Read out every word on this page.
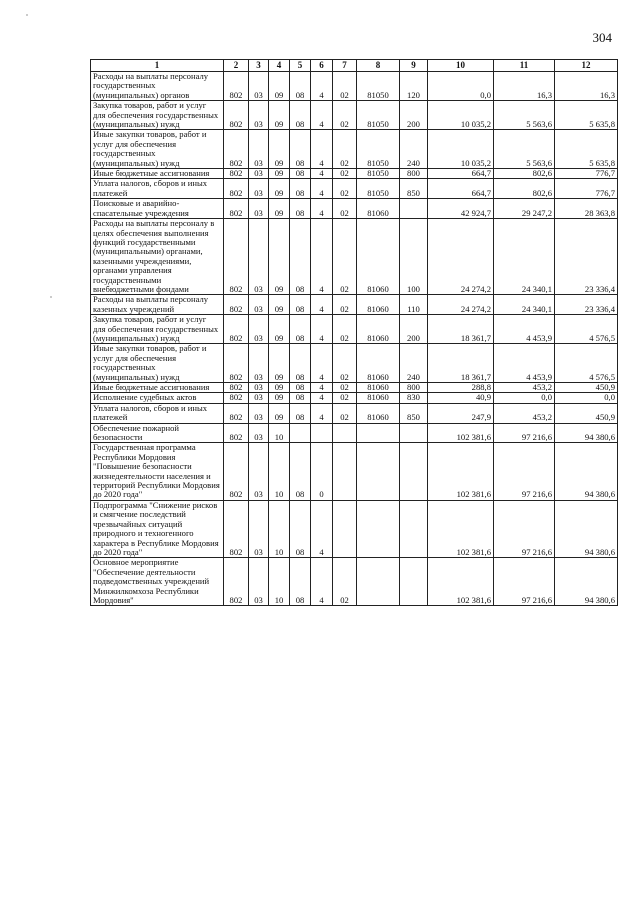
304
1	2	3	4	5	6	7	8	9	10	11	12
Расходы на выплаты персоналу государственных (муниципальных) органов	802	03	09	08	4	02	81050	120	0,0	16,3	16,3
Закупка товаров, работ и услуг для обеспечения государственных (муниципальных) нужд	802	03	09	08	4	02	81050	200	10 035,2	5 563,6	5 635,8
Иные закупки товаров, работ и услуг для обеспечения государственных (муниципальных) нужд	802	03	09	08	4	02	81050	240	10 035,2	5 563,6	5 635,8
Иные бюджетные ассигнования	802	03	09	08	4	02	81050	800	664,7	802,6	776,7
Уплата налогов, сборов и иных платежей	802	03	09	08	4	02	81050	850	664,7	802,6	776,7
Поисковые и аварийно-спасательные учреждения	802	03	09	08	4	02	81060		42 924,7	29 247,2	28 363,8
Расходы на выплаты персоналу в целях обеспечения выполнения функций государственными (муниципальными) органами, казенными учреждениями, органами управления государственными внебюджетными фондами	802	03	09	08	4	02	81060	100	24 274,2	24 340,1	23 336,4
Расходы на выплаты персоналу казенных учреждений	802	03	09	08	4	02	81060	110	24 274,2	24 340,1	23 336,4
Закупка товаров, работ и услуг для обеспечения государственных (муниципальных) нужд	802	03	09	08	4	02	81060	200	18 361,7	4 453,9	4 576,5
Иные закупки товаров, работ и услуг для обеспечения государственных (муниципальных) нужд	802	03	09	08	4	02	81060	240	18 361,7	4 453,9	4 576,5
Иные бюджетные ассигнования	802	03	09	08	4	02	81060	800	288,8	453,2	450,9
Исполнение судебных актов	802	03	09	08	4	02	81060	830	40,9	0,0	0,0
Уплата налогов, сборов и иных платежей	802	03	09	08	4	02	81060	850	247,9	453,2	450,9
Обеспечение пожарной безопасности	802	03	10						102 381,6	97 216,6	94 380,6
Государственная программа Республики Мордовия "Повышение безопасности жизнедеятельности населения и территорий Республики Мордовия до 2020 года"	802	03	10	08	0				102 381,6	97 216,6	94 380,6
Подпрограмма "Снижение рисков и смягчение последствий чрезвычайных ситуаций природного и техногенного характера в Республике Мордовия до 2020 года"	802	03	10	08	4				102 381,6	97 216,6	94 380,6
Основное мероприятие "Обеспечение деятельности подведомственных учреждений Минжилкомхоза Республики Мордовия"	802	03	10	08	4	02			102 381,6	97 216,6	94 380,6
